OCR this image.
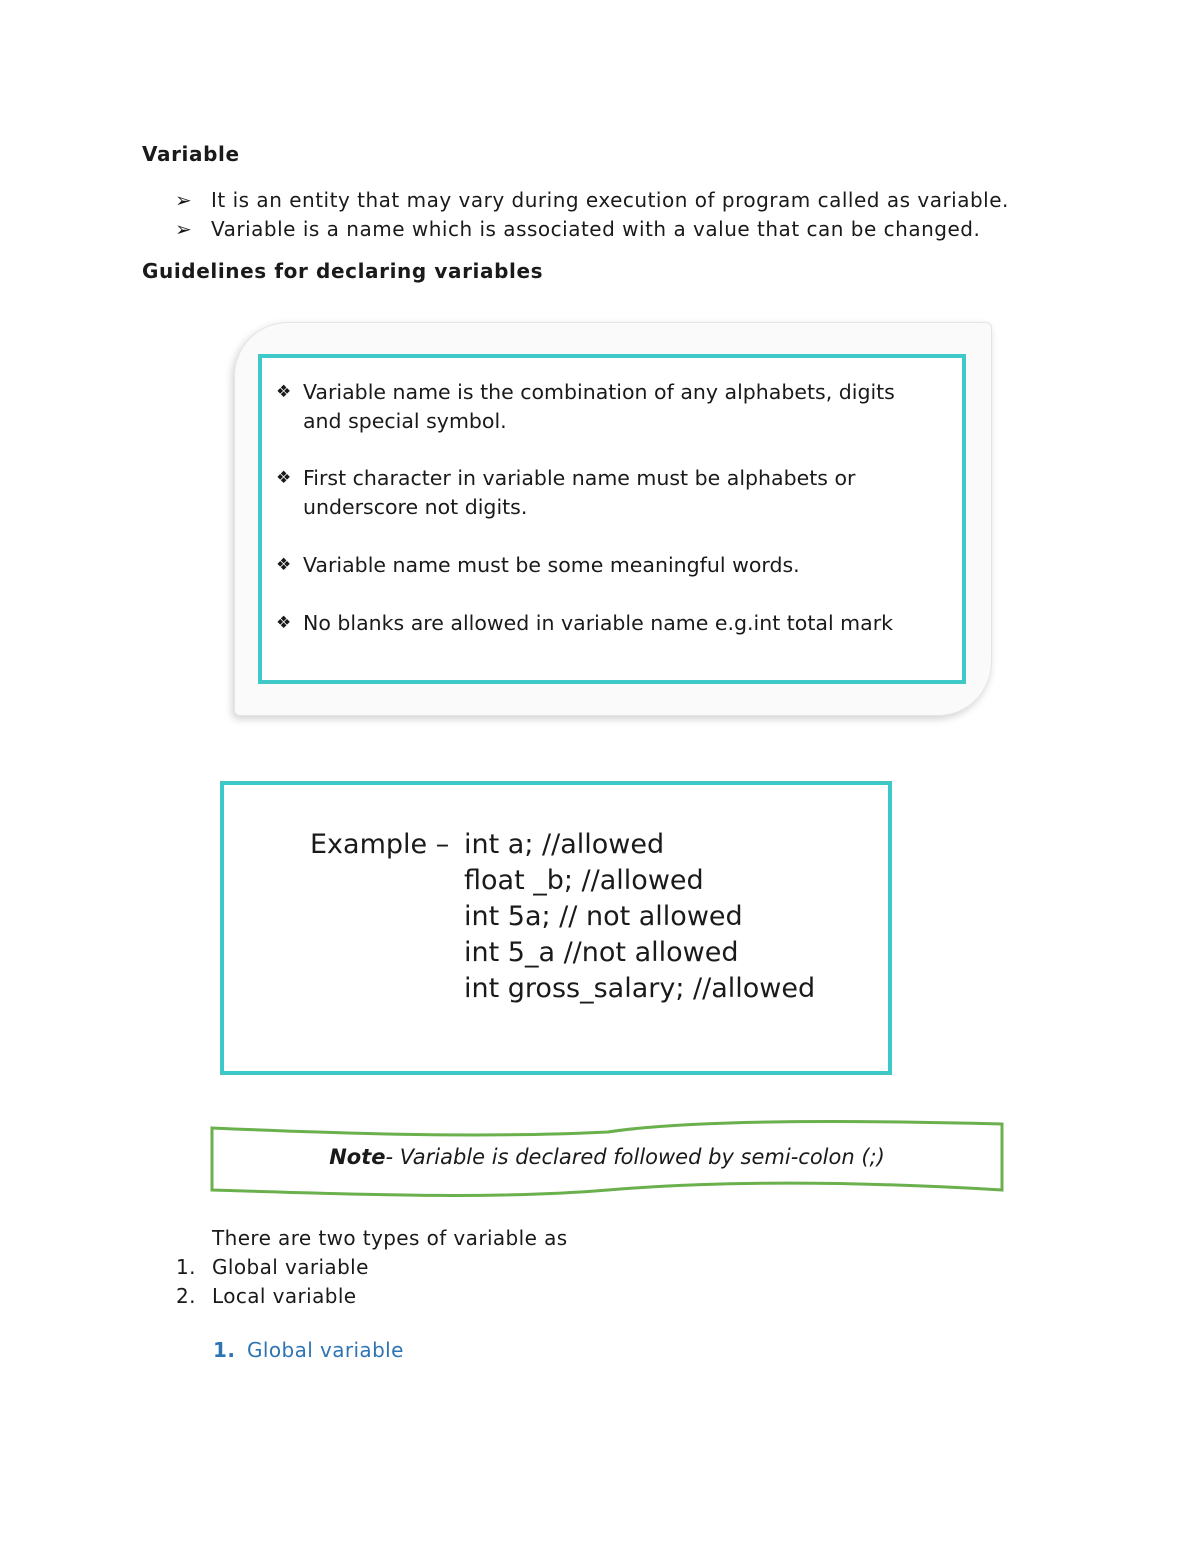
Variable
➢ It is an entity that may vary during execution of program called as variable.
➢ Variable is a name which is associated with a value that can be changed.
Guidelines for declaring variables
❖ Variable name is the combination of any alphabets, digits
and special symbol.
❖ First character in variable name must be alphabets or
underscore not digits.
❖ Variable name must be some meaningful words.
❖ No blanks are allowed in variable name e.g.int total mark
Example – int a; //allowed
float _b; //allowed
int 5a; // not allowed
int 5_a //not allowed
int gross_salary; //allowed
Note- Variable is declared followed by semi-colon (;)
There are two types of variable as
1. Global variable
2. Local variable
1. Global variable
